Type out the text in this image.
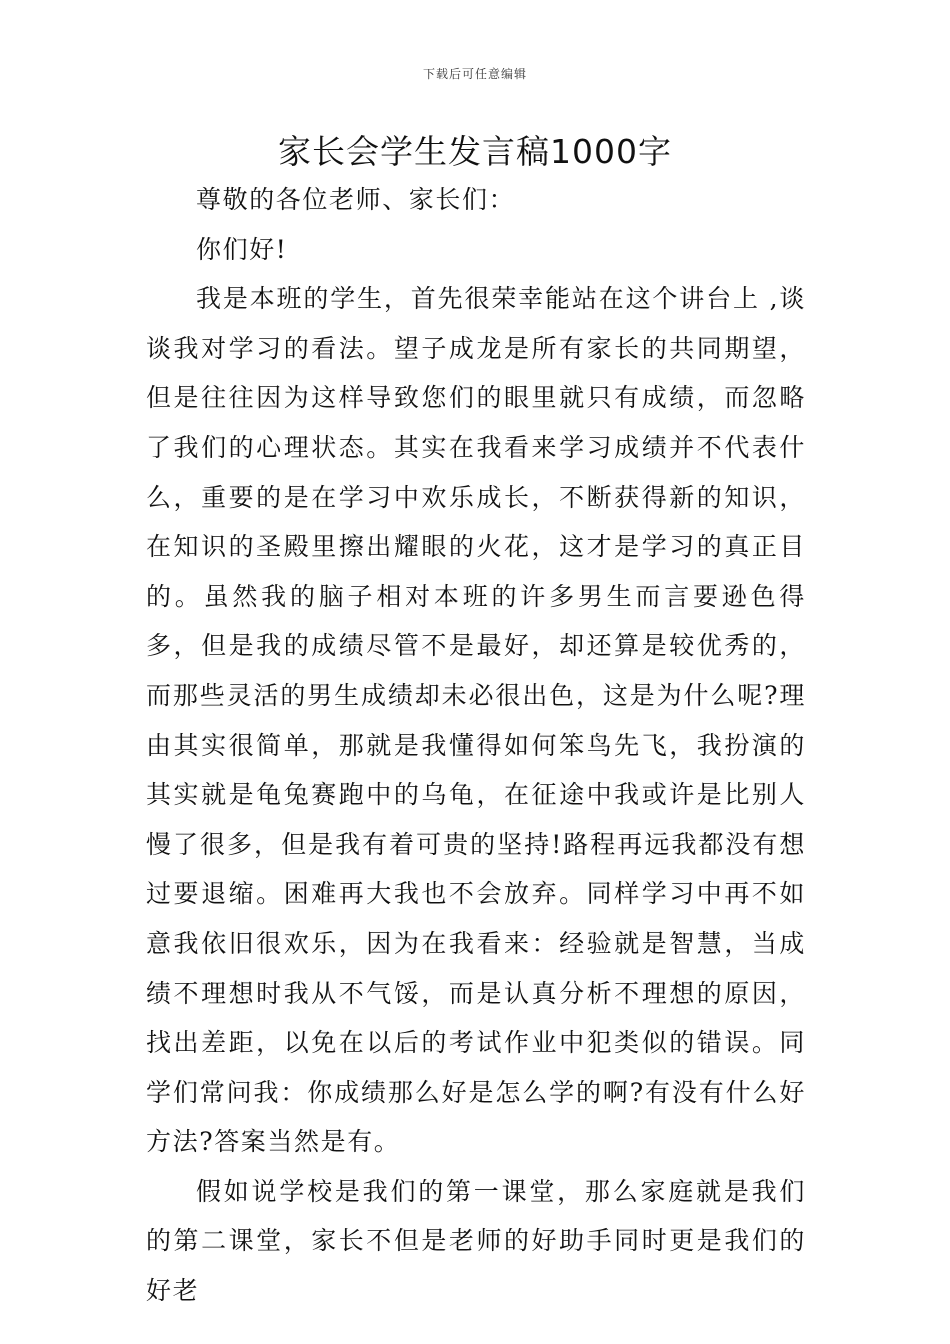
下载后可任意编辑
家长会学生发言稿1000字

尊敬的各位老师、家长们：

你们好!

我是本班的学生，首先很荣幸能站在这个讲台上 ,谈谈我对学习的看法。望子成龙是所有家长的共同期望，但是往往因为这样导致您们的眼里就只有成绩，而忽略了我们的心理状态。其实在我看来学习成绩并不代表什么，重要的是在学习中欢乐成长，不断获得新的知识，在知识的圣殿里擦出耀眼的火花，这才是学习的真正目的。虽然我的脑子相对本班的许多男生而言要逊色得多，但是我的成绩尽管不是最好，却还算是较优秀的，而那些灵活的男生成绩却未必很出色，这是为什么呢?理由其实很简单，那就是我懂得如何笨鸟先飞，我扮演的其实就是龟兔赛跑中的乌龟，在征途中我或许是比别人慢了很多，但是我有着可贵的坚持!路程再远我都没有想过要退缩。困难再大我也不会放弃。同样学习中再不如意我依旧很欢乐，因为在我看来：经验就是智慧，当成绩不理想时我从不气馁，而是认真分析不理想的原因，找出差距，以免在以后的考试作业中犯类似的错误。同学们常问我：你成绩那么好是怎么学的啊?有没有什么好方法?答案当然是有。

假如说学校是我们的第一课堂，那么家庭就是我们的第二课堂，家长不但是老师的好助手同时更是我们的好老
